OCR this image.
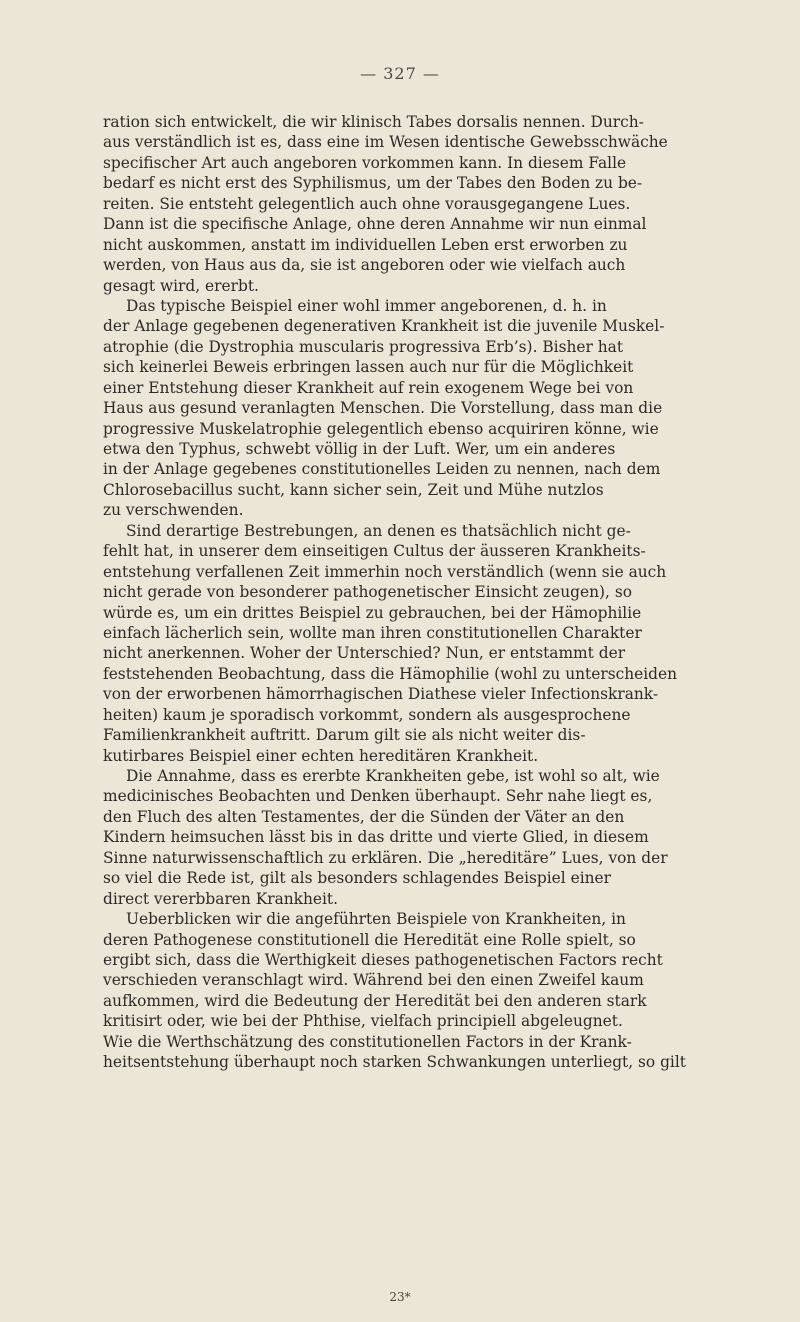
— 327 —
ration sich entwickelt, die wir klinisch Tabes dorsalis nennen. Durch-
aus verständlich ist es, dass eine im Wesen identische Gewebsschwäche
specifischer Art auch angeboren vorkommen kann. In diesem Falle
bedarf es nicht erst des Syphilismus, um der Tabes den Boden zu be-
reiten. Sie entsteht gelegentlich auch ohne vorausgegangene Lues.
Dann ist die specifische Anlage, ohne deren Annahme wir nun einmal
nicht auskommen, anstatt im individuellen Leben erst erworben zu
werden, von Haus aus da, sie ist angeboren oder wie vielfach auch
gesagt wird, ererbt.
Das typische Beispiel einer wohl immer angeborenen, d. h. in
der Anlage gegebenen degenerativen Krankheit ist die juvenile Muskel-
atrophie (die Dystrophia muscularis progressiva Erb’s). Bisher hat
sich keinerlei Beweis erbringen lassen auch nur für die Möglichkeit
einer Entstehung dieser Krankheit auf rein exogenem Wege bei von
Haus aus gesund veranlagten Menschen. Die Vorstellung, dass man die
progressive Muskelatrophie gelegentlich ebenso acquiriren könne, wie
etwa den Typhus, schwebt völlig in der Luft. Wer, um ein anderes
in der Anlage gegebenes constitutionelles Leiden zu nennen, nach dem
Chlorosebacillus sucht, kann sicher sein, Zeit und Mühe nutzlos
zu verschwenden.
Sind derartige Bestrebungen, an denen es thatsächlich nicht ge-
fehlt hat, in unserer dem einseitigen Cultus der äusseren Krankheits-
entstehung verfallenen Zeit immerhin noch verständlich (wenn sie auch
nicht gerade von besonderer pathogenetischer Einsicht zeugen), so
würde es, um ein drittes Beispiel zu gebrauchen, bei der Hämophilie
einfach lächerlich sein, wollte man ihren constitutionellen Charakter
nicht anerkennen. Woher der Unterschied? Nun, er entstammt der
feststehenden Beobachtung, dass die Hämophilie (wohl zu unterscheiden
von der erworbenen hämorrhagischen Diathese vieler Infectionskrank-
heiten) kaum je sporadisch vorkommt, sondern als ausgesprochene
Familienkrankheit auftritt. Darum gilt sie als nicht weiter dis-
kutirbares Beispiel einer echten hereditären Krankheit.
Die Annahme, dass es ererbte Krankheiten gebe, ist wohl so alt, wie
medicinisches Beobachten und Denken überhaupt. Sehr nahe liegt es,
den Fluch des alten Testamentes, der die Sünden der Väter an den
Kindern heimsuchen lässt bis in das dritte und vierte Glied, in diesem
Sinne naturwissenschaftlich zu erklären. Die „hereditäre” Lues, von der
so viel die Rede ist, gilt als besonders schlagendes Beispiel einer
direct vererbbaren Krankheit.
Ueberblicken wir die angeführten Beispiele von Krankheiten, in
deren Pathogenese constitutionell die Heredität eine Rolle spielt, so
ergibt sich, dass die Werthigkeit dieses pathogenetischen Factors recht
verschieden veranschlagt wird. Während bei den einen Zweifel kaum
aufkommen, wird die Bedeutung der Heredität bei den anderen stark
kritisirt oder, wie bei der Phthise, vielfach principiell abgeleugnet.
Wie die Werthschätzung des constitutionellen Factors in der Krank-
heitsentstehung überhaupt noch starken Schwankungen unterliegt, so gilt
23*
